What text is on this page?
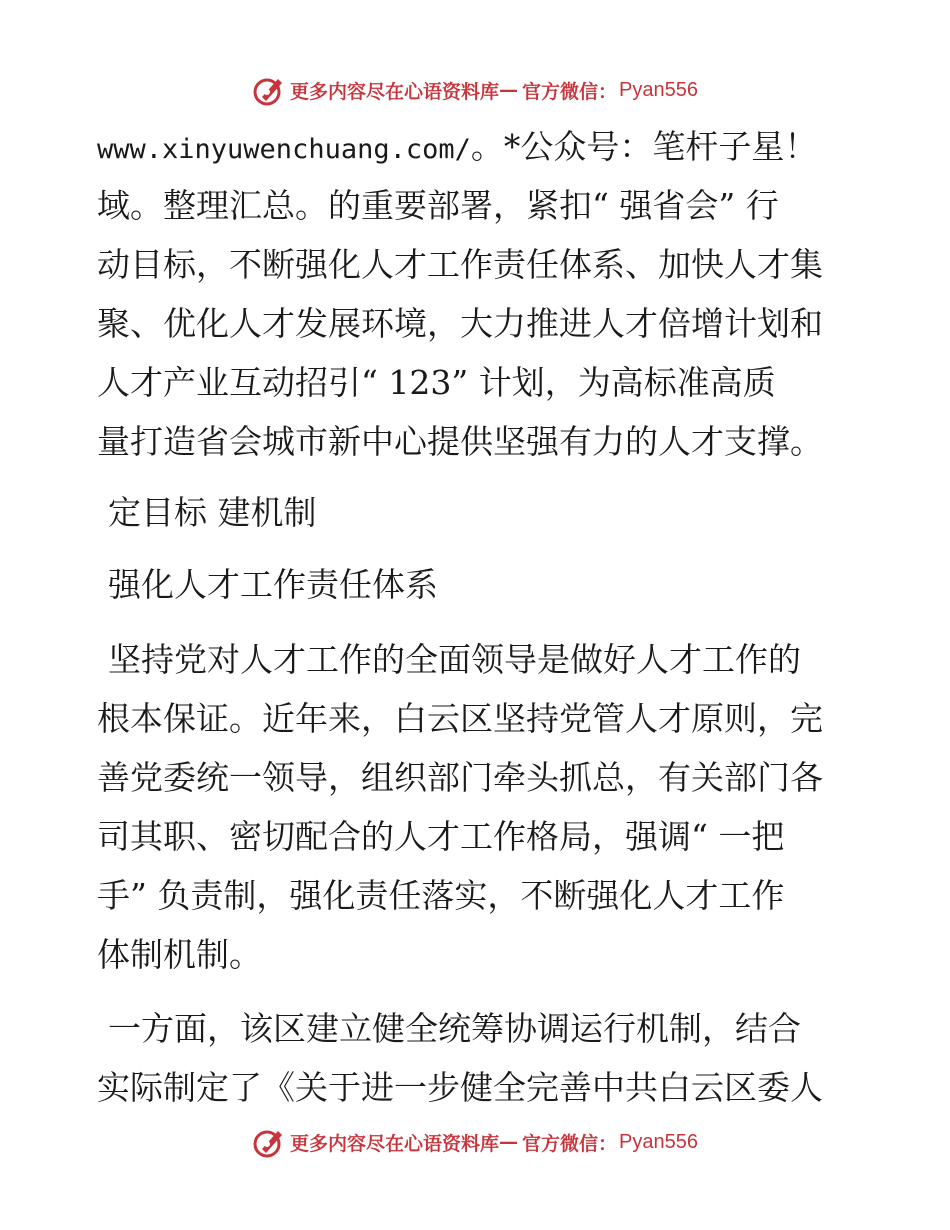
更多内容尽在心语资料库 — 官方微信： Pyan556
www.xinyuwenchuang.com/。*公众号：笔杆子星！
域。整理汇总。的重要部署，紧扣“ 强省会” 行
动目标，不断强化人才工作责任体系、加快人才集
聚、优化人才发展环境，大力推进人才倍增计划和
人才产业互动招引“ 123” 计划，为高标准高质
量打造省会城市新中心提供坚强有力的人才支撑。
定目标 建机制
强化人才工作责任体系
坚持党对人才工作的全面领导是做好人才工作的
根本保证。近年来，白云区坚持党管人才原则，完
善党委统一领导，组织部门牵头抓总，有关部门各
司其职、密切配合的人才工作格局，强调“ 一把
手” 负责制，强化责任落实，不断强化人才工作
体制机制。
一方面，该区建立健全统筹协调运行机制，结合
实际制定了《关于进一步健全完善中共白云区委人
更多内容尽在心语资料库 — 官方微信： Pyan556
